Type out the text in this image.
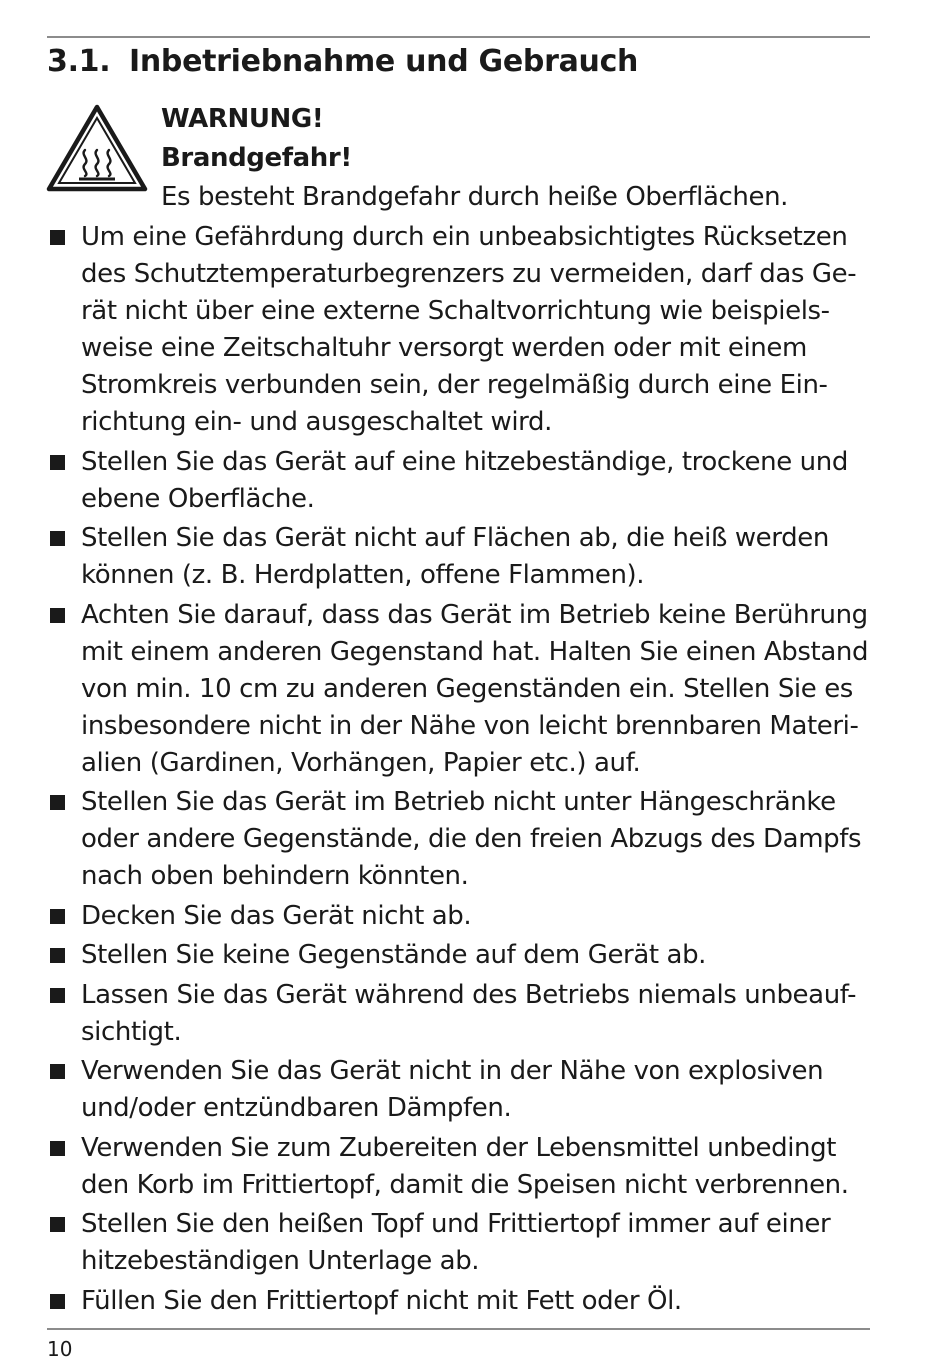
3.1. Inbetriebnahme und Gebrauch
WARNUNG!
Brandgefahr!
Es besteht Brandgefahr durch heiße Oberflächen.
Um eine Gefährdung durch ein unbeabsichtigtes Rücksetzen
des Schutztemperaturbegrenzers zu vermeiden, darf das Ge-
rät nicht über eine externe Schaltvorrichtung wie beispiels-
weise eine Zeitschaltuhr versorgt werden oder mit einem
Stromkreis verbunden sein, der regelmäßig durch eine Ein-
richtung ein- und ausgeschaltet wird.
Stellen Sie das Gerät auf eine hitzebeständige, trockene und
ebene Oberfläche.
Stellen Sie das Gerät nicht auf Flächen ab, die heiß werden
können (z. B. Herdplatten, offene Flammen).
Achten Sie darauf, dass das Gerät im Betrieb keine Berührung
mit einem anderen Gegenstand hat. Halten Sie einen Abstand
von min. 10 cm zu anderen Gegenständen ein. Stellen Sie es
insbesondere nicht in der Nähe von leicht brennbaren Materi-
alien (Gardinen, Vorhängen, Papier etc.) auf.
Stellen Sie das Gerät im Betrieb nicht unter Hängeschränke
oder andere Gegenstände, die den freien Abzugs des Dampfs
nach oben behindern könnten.
Decken Sie das Gerät nicht ab.
Stellen Sie keine Gegenstände auf dem Gerät ab.
Lassen Sie das Gerät während des Betriebs niemals unbeauf-
sichtigt.
Verwenden Sie das Gerät nicht in der Nähe von explosiven
und/oder entzündbaren Dämpfen.
Verwenden Sie zum Zubereiten der Lebensmittel unbedingt
den Korb im Frittiertopf, damit die Speisen nicht verbrennen.
Stellen Sie den heißen Topf und Frittiertopf immer auf einer
hitzebeständigen Unterlage ab.
Füllen Sie den Frittiertopf nicht mit Fett oder Öl.
10
